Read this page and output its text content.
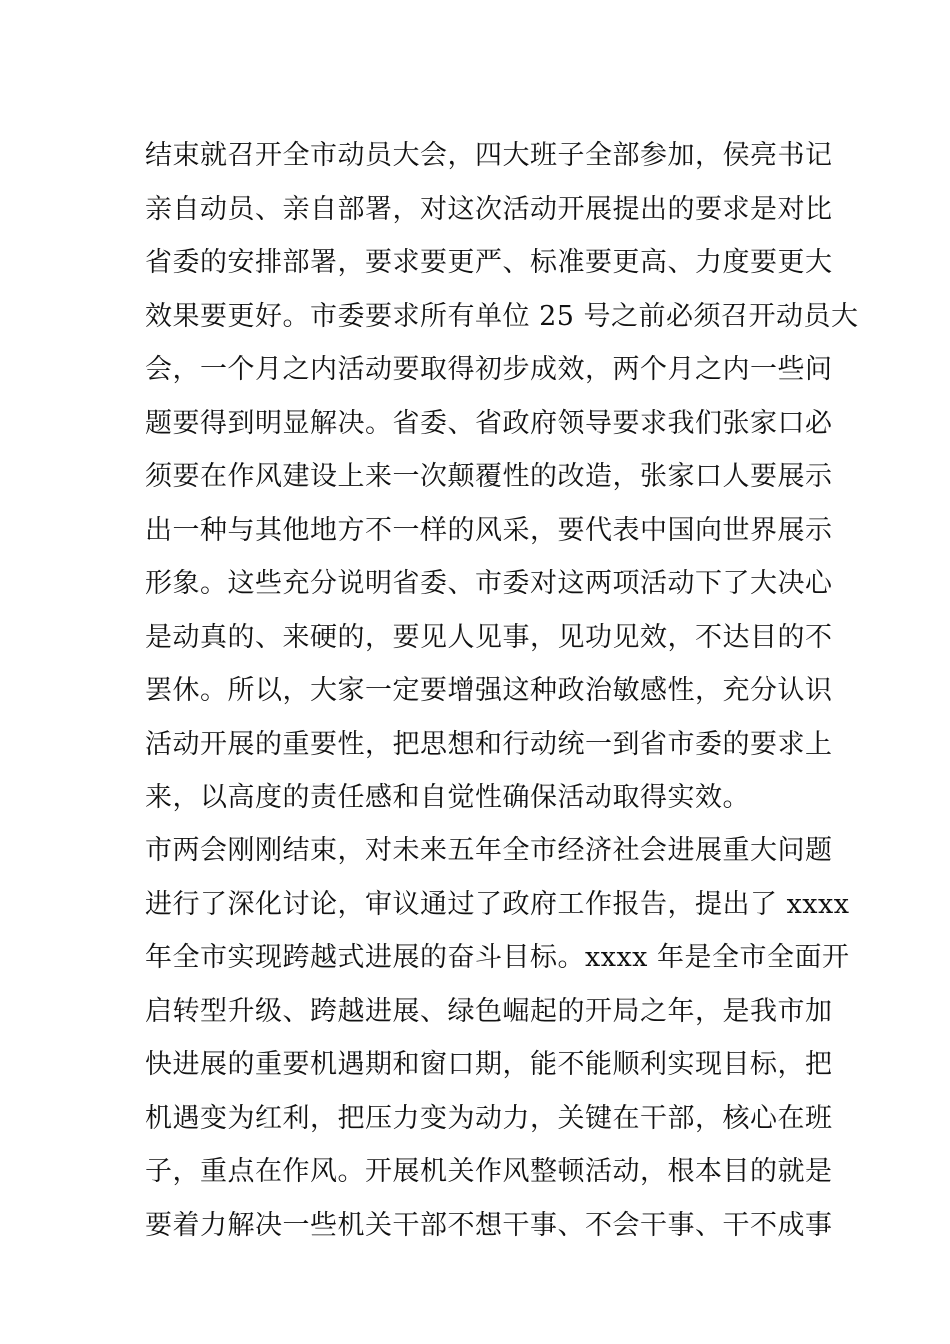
结束就召开全市动员大会，四大班子全部参加，侯亮书记
亲自动员、亲自部署，对这次活动开展提出的要求是对比
省委的安排部署，要求要更严、标准要更高、力度要更大
效果要更好。市委要求所有单位 25 号之前必须召开动员大
会，一个月之内活动要取得初步成效，两个月之内一些问
题要得到明显解决。省委、省政府领导要求我们张家口必
须要在作风建设上来一次颠覆性的改造，张家口人要展示
出一种与其他地方不一样的风采，要代表中国向世界展示
形象。这些充分说明省委、市委对这两项活动下了大决心
是动真的、来硬的，要见人见事，见功见效，不达目的不
罢休。所以，大家一定要增强这种政治敏感性，充分认识
活动开展的重要性，把思想和行动统一到省市委的要求上
来，以高度的责任感和自觉性确保活动取得实效。
市两会刚刚结束，对未来五年全市经济社会进展重大问题
进行了深化讨论，审议通过了政府工作报告，提出了 xxxx
年全市实现跨越式进展的奋斗目标。xxxx 年是全市全面开
启转型升级、跨越进展、绿色崛起的开局之年，是我市加
快进展的重要机遇期和窗口期，能不能顺利实现目标，把
机遇变为红利，把压力变为动力，关键在干部，核心在班
子，重点在作风。开展机关作风整顿活动，根本目的就是
要着力解决一些机关干部不想干事、不会干事、干不成事
